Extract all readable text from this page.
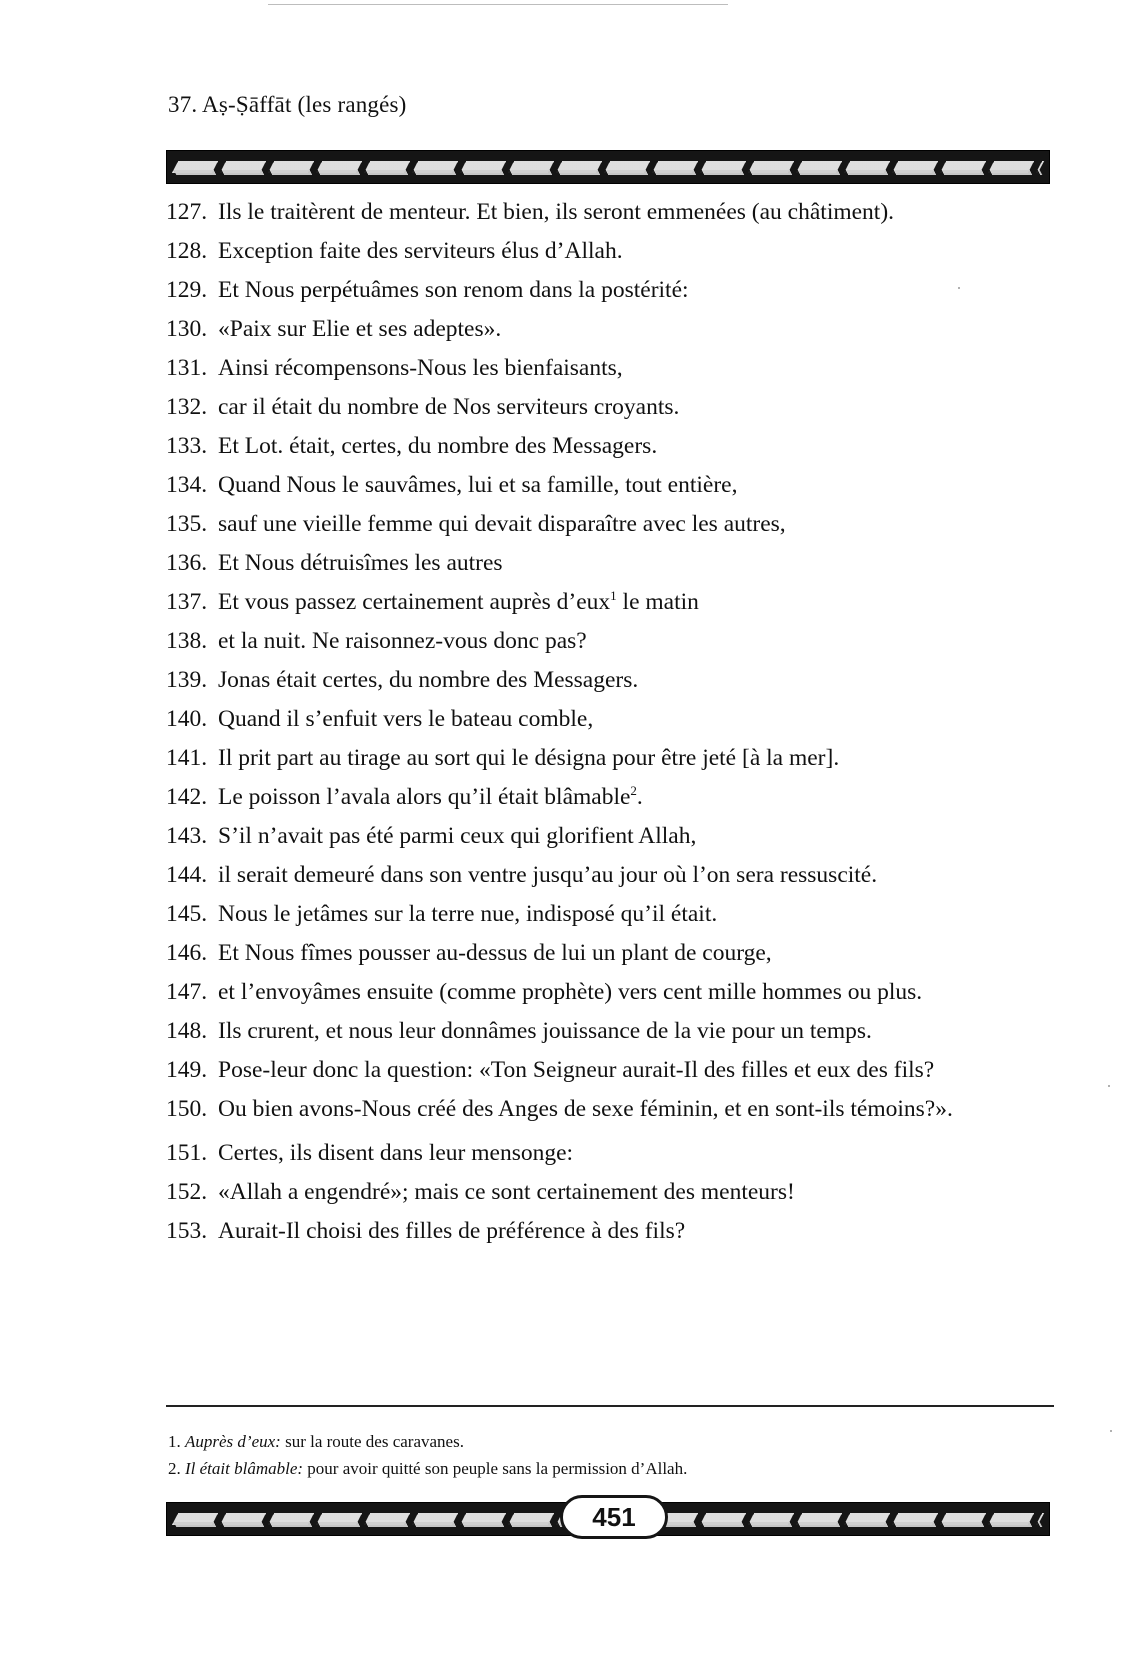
37. Aṣ-Ṣāffāt (les rangés)
127. Ils le traitèrent de menteur. Et bien, ils seront emmenées (au châtiment).
128. Exception faite des serviteurs élus d’Allah.
129. Et Nous perpétuâmes son renom dans la postérité:
130. «Paix sur Elie et ses adeptes».
131. Ainsi récompensons-Nous les bienfaisants,
132. car il était du nombre de Nos serviteurs croyants.
133. Et Lot. était, certes, du nombre des Messagers.
134. Quand Nous le sauvâmes, lui et sa famille, tout entière,
135. sauf une vieille femme qui devait disparaître avec les autres,
136. Et Nous détruisîmes les autres
137. Et vous passez certainement auprès d’eux$^1$ le matin
138. et la nuit. Ne raisonnez-vous donc pas?
139. Jonas était certes, du nombre des Messagers.
140. Quand il s’enfuit vers le bateau comble,
141. Il prit part au tirage au sort qui le désigna pour être jeté [à la mer].
142. Le poisson l’avala alors qu’il était blâmable$^2$.
143. S’il n’avait pas été parmi ceux qui glorifient Allah,
144. il serait demeuré dans son ventre jusqu’au jour où l’on sera ressuscité.
145. Nous le jetâmes sur la terre nue, indisposé qu’il était.
146. Et Nous fîmes pousser au-dessus de lui un plant de courge,
147. et l’envoyâmes ensuite (comme prophète) vers cent mille hommes ou plus.
148. Ils crurent, et nous leur donnâmes jouissance de la vie pour un temps.
149. Pose-leur donc la question: «Ton Seigneur aurait-Il des filles et eux des fils?
150. Ou bien avons-Nous créé des Anges de sexe féminin, et en sont-ils témoins?».
151. Certes, ils disent dans leur mensonge:
152. «Allah a engendré»; mais ce sont certainement des menteurs!
153. Aurait-Il choisi des filles de préférence à des fils?
1. Auprès d’eux: sur la route des caravanes.
2. Il était blâmable: pour avoir quitté son peuple sans la permission d’Allah.
451
